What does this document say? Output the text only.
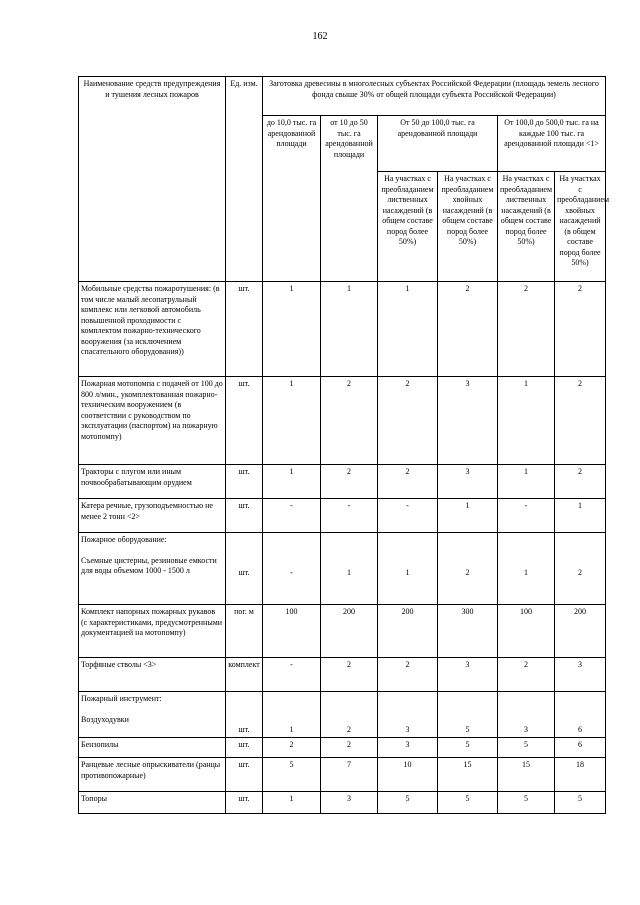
162
Наименование средств предупреждения и тушения лесных пожаров	Ед. изм.	Заготовка древесины в многолесных субъектах Российской Федерации (площадь земель лесного фонда свыше 30% от общей площади субъекта Российской Федерации)					
		до 10,0 тыс. га арендованной площади	от 10 до 50 тыс. га арендованной площади	От 50 до 100,0 тыс. га арендованной площади		От 100,0 до 500,0 тыс. га на каждые 100 тыс. га арендованной площади <1>	
				На участках с преобладанием лиственных насаждений (в общем составе пород более 50%)	На участках с преобладанием хвойных насаждений (в общем составе пород более 50%)	На участках с преобладанием лиственных насаждений (в общем составе пород более 50%)	На участках с преобладанием хвойных насаждений (в общем составе пород более 50%)
Мобильные средства пожаротушения: (в том числе малый лесопатрульный комплекс или легковой автомобиль повышенной проходимости с комплектом пожарно-технического вооружения (за исключением спасательного оборудования))	шт.	1	1	1	2	2	2
Пожарная мотопомпа с подачей от 100 до 800 л/мин., укомплектованная пожарно-техническим вооружением (в соответствии с руководством по эксплуатации (паспортом) на пожарную мотопомпу)	шт.	1	2	2	3	1	2
Тракторы с плугом или иным почвообрабатывающим орудием	шт.	1	2	2	3	1	2
Катера речные, грузоподъемностью не менее 2 тонн <2>	шт.	-	-	-	1	-	1
Пожарное оборудование:
Съемные цистерны, резиновые емкости для воды объемом 1000 - 1500 л	шт.	-	1	1	2	1	2
Комплект напорных пожарных рукавов (с характеристиками, предусмотренными документацией на мотопомпу)	пог. м	100	200	200	300	100	200
Торфяные стволы <3>	комплект	-	2	2	3	2	3
Пожарный инструмент:
Воздуходувки	шт.	1	2	3	5	3	6
Бензопилы	шт.	2	2	3	5	5	6
Ранцевые лесные опрыскиватели (ранцы противопожарные)	шт.	5	7	10	15	15	18
Топоры	шт.	1	3	5	5	5	5
